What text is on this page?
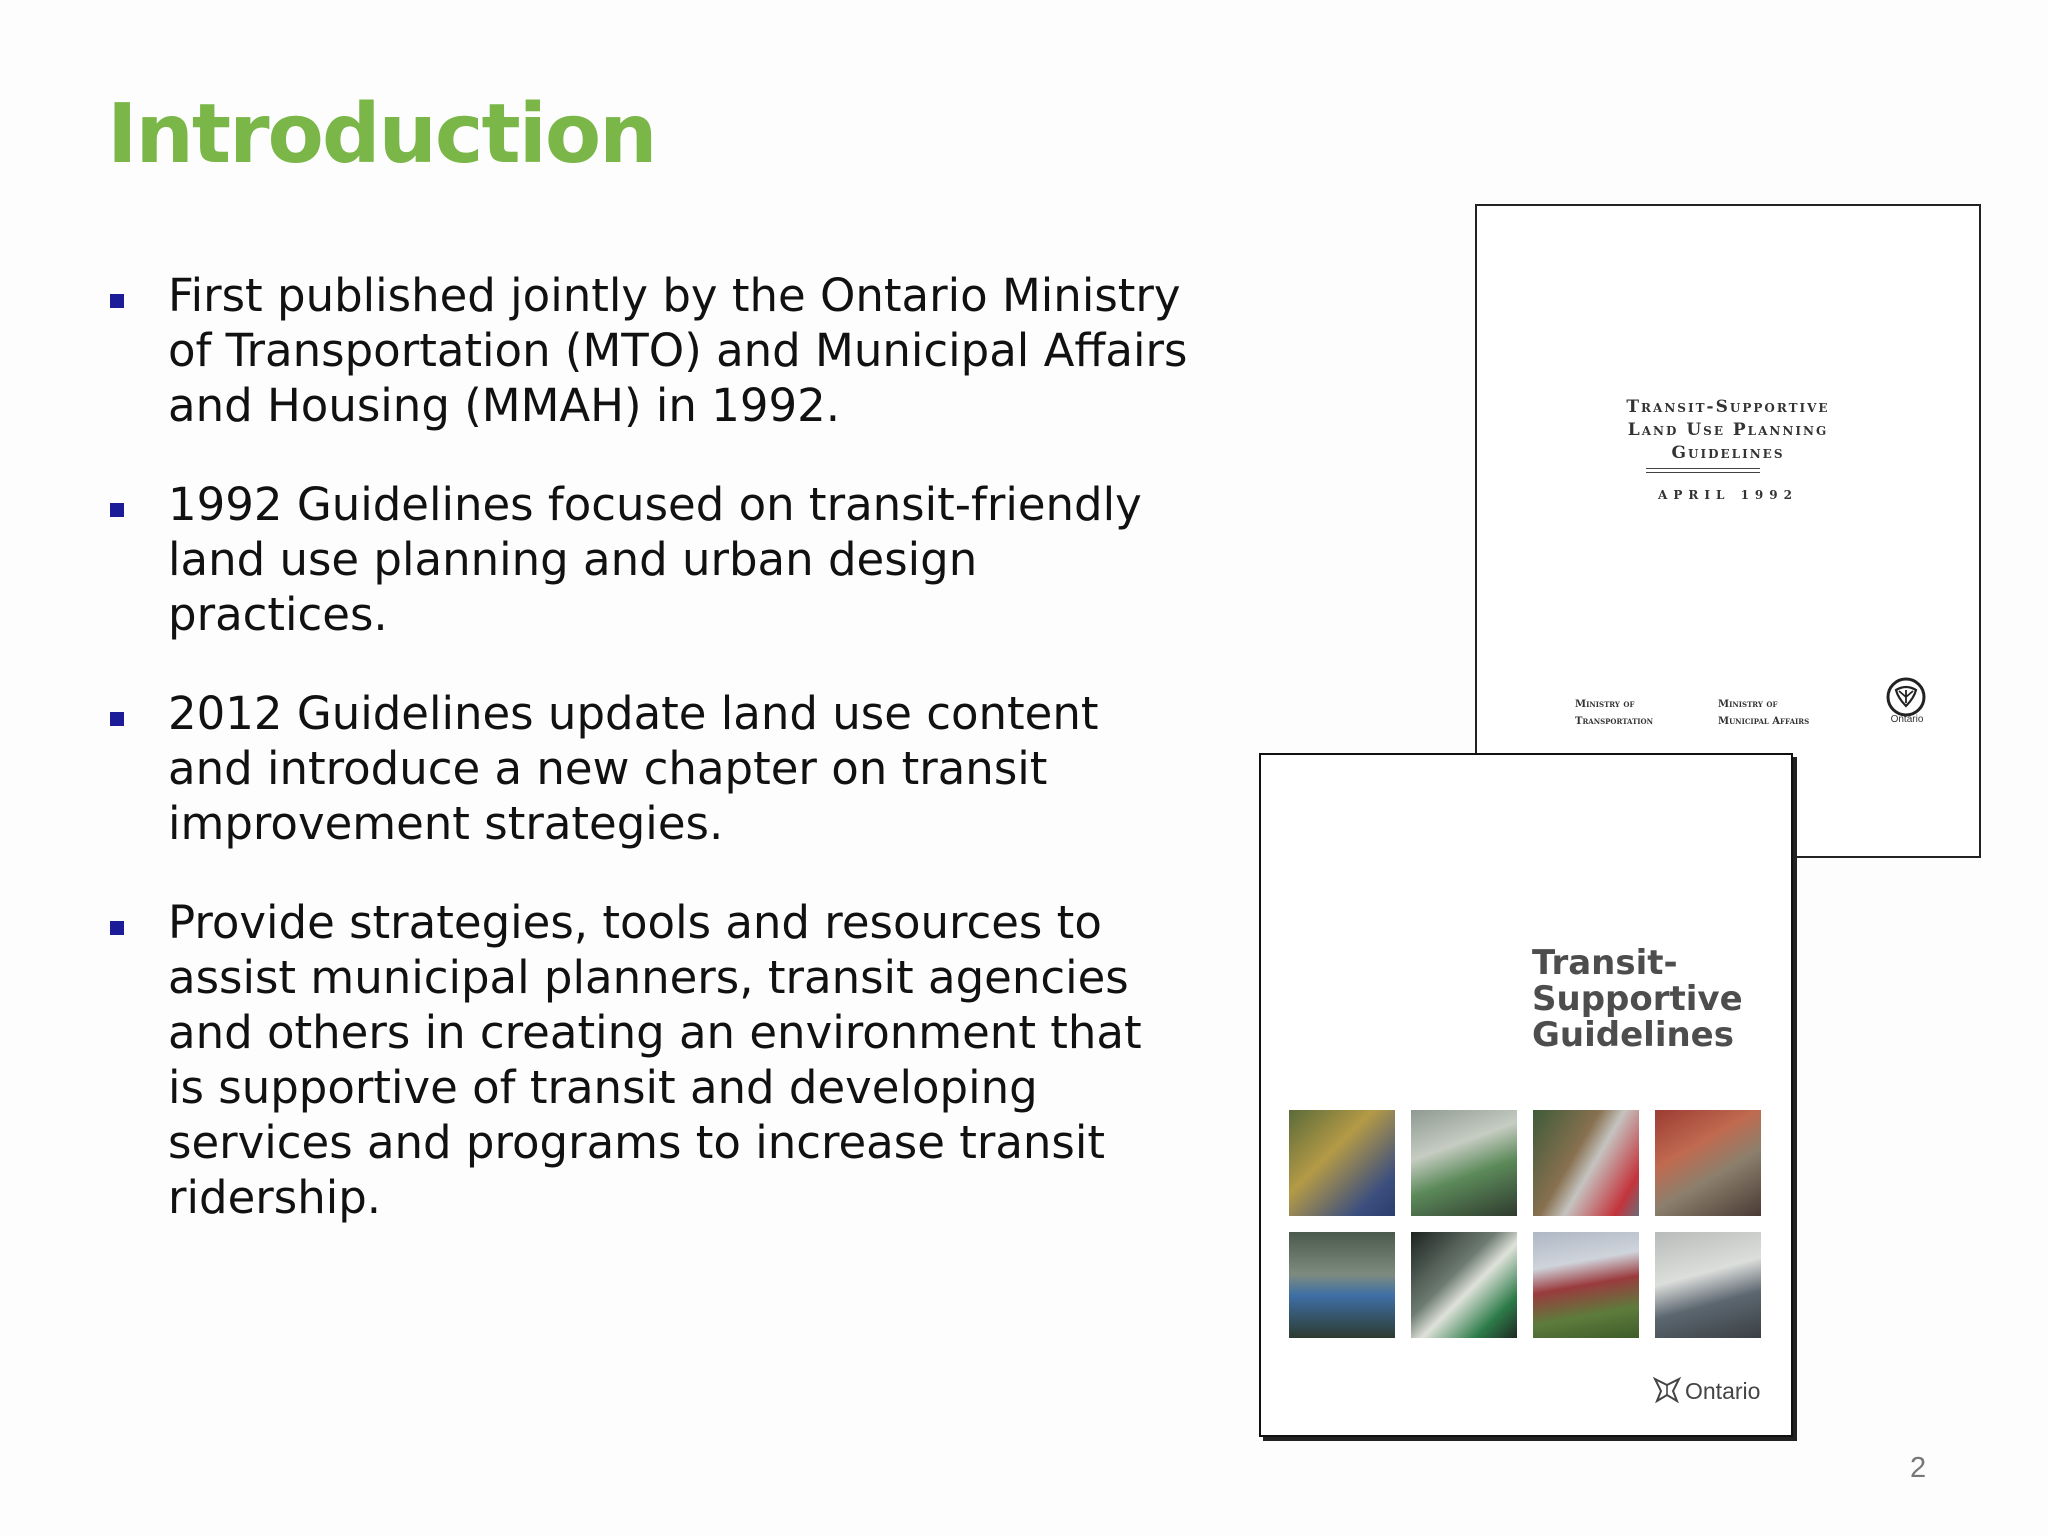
Introduction
First published jointly by the Ontario Ministry of Transportation (MTO) and Municipal Affairs and Housing (MMAH) in 1992.
1992 Guidelines focused on transit-friendly land use planning and urban design practices.
2012 Guidelines update land use content and introduce a new chapter on transit improvement strategies.
Provide strategies, tools and resources to assist municipal planners, transit agencies and others in creating an environment that is supportive of transit and developing services and programs to increase transit ridership.
Transit-Supportive
Land Use Planning
Guidelines
APRIL 1992
Ministry of
Transportation
Ministry of
Municipal Affairs	Ontario
Transit-
Supportive
Guidelines
Ontario
2
